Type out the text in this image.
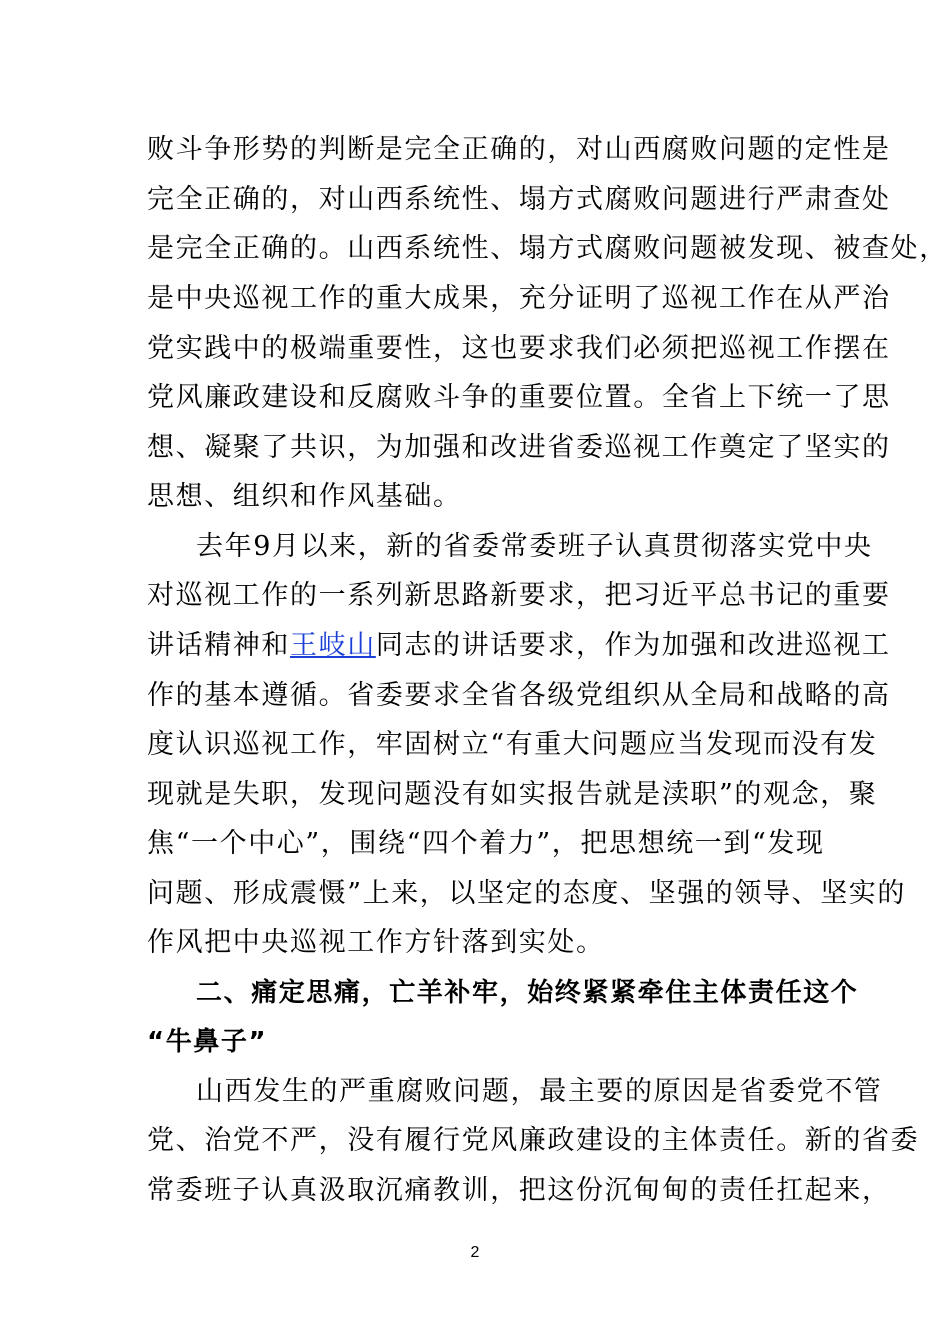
败斗争形势的判断是完全正确的，对山西腐败问题的定性是
完全正确的，对山西系统性、塌方式腐败问题进行严肃查处
是完全正确的。山西系统性、塌方式腐败问题被发现、被查处，
是中央巡视工作的重大成果，充分证明了巡视工作在从严治
党实践中的极端重要性，这也要求我们必须把巡视工作摆在
党风廉政建设和反腐败斗争的重要位置。全省上下统一了思
想、凝聚了共识，为加强和改进省委巡视工作奠定了坚实的
思想、组织和作风基础。
去年9月以来，新的省委常委班子认真贯彻落实党中央
对巡视工作的一系列新思路新要求，把习近平总书记的重要
讲话精神和王岐山同志的讲话要求，作为加强和改进巡视工
作的基本遵循。省委要求全省各级党组织从全局和战略的高
度认识巡视工作，牢固树立“有重大问题应当发现而没有发
现就是失职，发现问题没有如实报告就是渎职”的观念，聚
焦“一个中心”，围绕“四个着力”，把思想统一到“发现
问题、形成震慑”上来，以坚定的态度、坚强的领导、坚实的
作风把中央巡视工作方针落到实处。
二、痛定思痛，亡羊补牢，始终紧紧牵住主体责任这个
“牛鼻子”
山西发生的严重腐败问题，最主要的原因是省委党不管
党、治党不严，没有履行党风廉政建设的主体责任。新的省委
常委班子认真汲取沉痛教训，把这份沉甸甸的责任扛起来，
2
